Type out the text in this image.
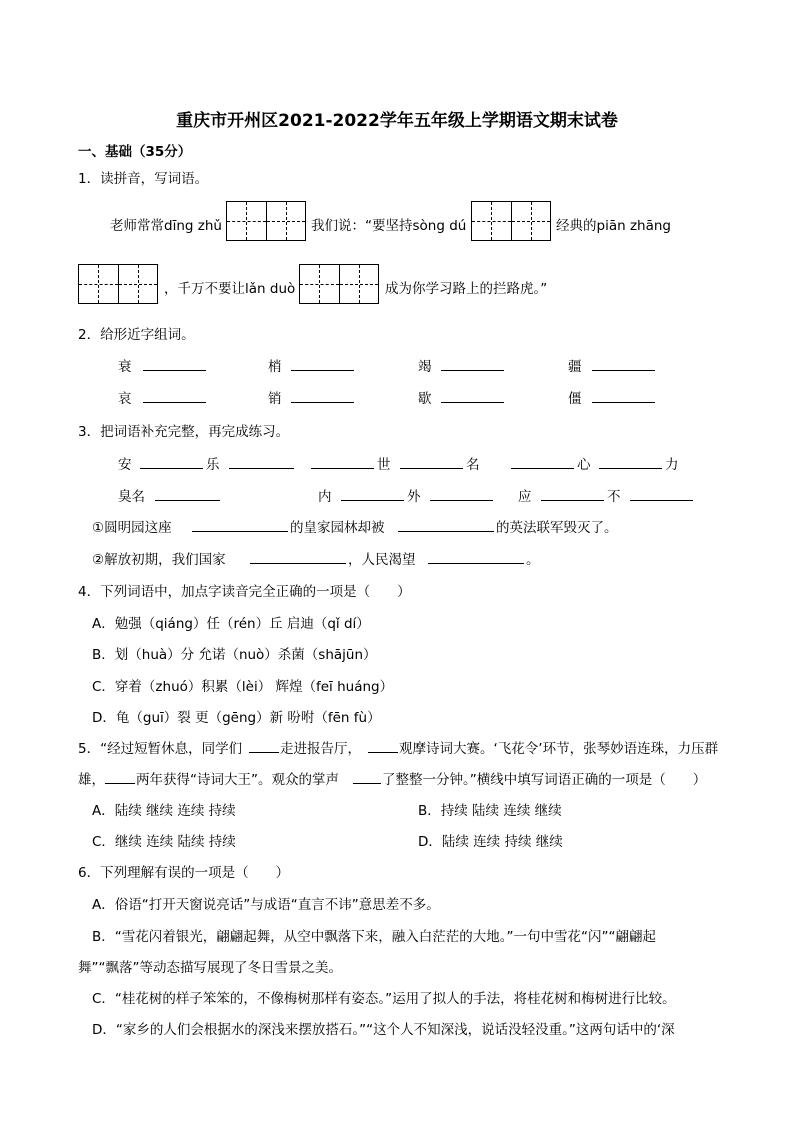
重庆市开州区2021-2022学年五年级上学期语文期末试卷
一、基础（35分）
1．读拼音，写词语。
老师常常dīng zhǔ	我们说：“要坚持sòng dú	经典的piān zhāng
，千万不要让lǎn duò	成为你学习路上的拦路虎。”
2．给形近字组词。
衰	梢	竭	疆
哀	销	歇	僵
3．把词语补充完整，再完成练习。
安	乐	世	名	心	力
臭名	内	外	应	不
①圆明园这座	的皇家园林却被	的英法联军毁灭了。
②解放初期，我们国家	，人民渴望	。
4．下列词语中，加点字读音完全正确的一项是（　　）
A．勉强（qiáng）任（rén）丘 启迪（qǐ dí）
B．划（huà）分 允诺（nuò）杀菌（shājūn）
C．穿着（zhuó）积累（lèi） 辉煌（feī huáng）
D．龟（guī）裂 更（gēng）新 吩咐（fēn fù）
5．“经过短暂休息，同学们	走进报告厅，	观摩诗词大赛。‘飞花令’环节，张琴妙语连珠，力压群
雄， 两年获得“诗词大王”。观众的掌声	了整整一分钟。”横线中填写词语正确的一项是（　　）
A．陆续 继续 连续 持续	B．持续 陆续 连续 继续
C．继续 连续 陆续 持续	D．陆续 连续 持续 继续
6．下列理解有误的一项是（　　）
A．俗语“打开天窗说亮话”与成语“直言不讳”意思差不多。
B．“雪花闪着银光，翩翩起舞，从空中飘落下来，融入白茫茫的大地。”一句中雪花“闪”“翩翩起
舞”“飘落”等动态描写展现了冬日雪景之美。
C．“桂花树的样子笨笨的，不像梅树那样有姿态。”运用了拟人的手法，将桂花树和梅树进行比较。
D．“家乡的人们会根据水的深浅来摆放搭石。”“这个人不知深浅，说话没轻没重。”这两句话中的‘深
